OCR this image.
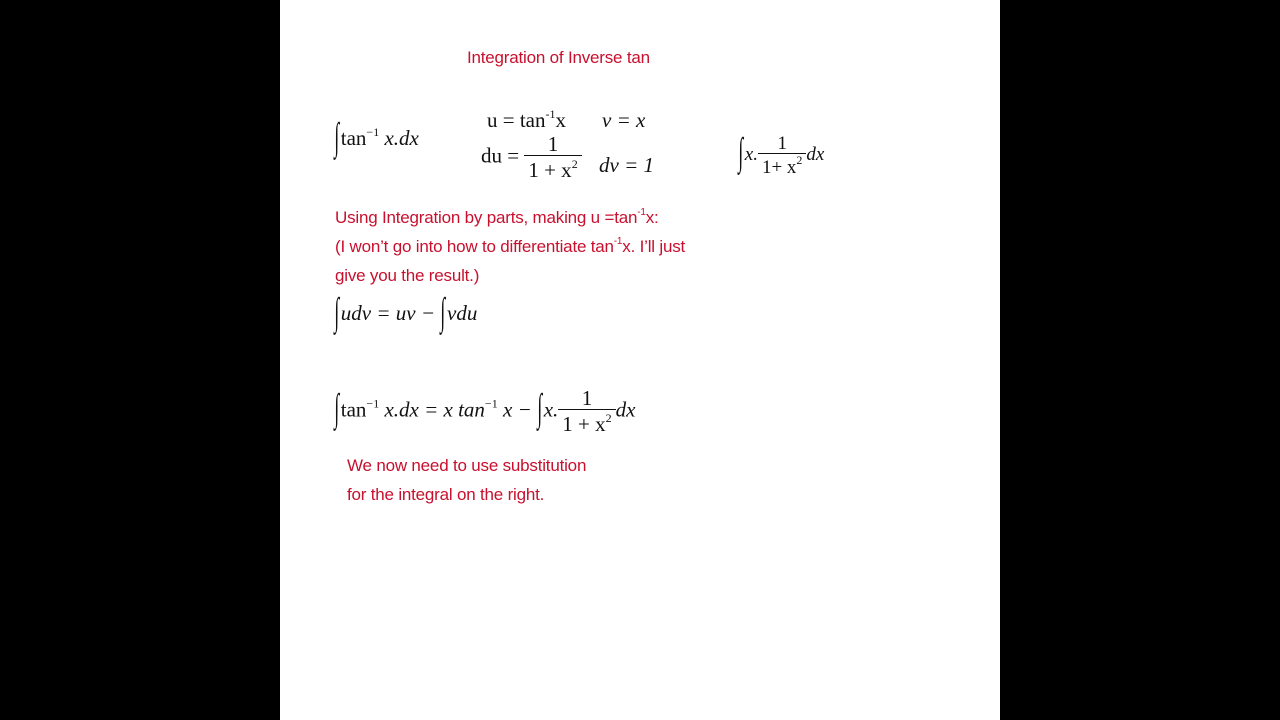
Integration of Inverse tan
$\int\tan^{-1}$ x.dx
$u = \tan^{-1}x$ v = x
du = $\frac{1}{1 + x^2}$ dv = 1	∫x. $\frac{1}{1+ x^2}$ dx
Using Integration by parts, making $u =\tan^{-1}x$:
(I won’t go into how to differentiate $\tan^{-1}x$. I’ll just
give you the result.)
∫udv = uv − ∫vdu
$\int\tan^{-1}$ x.dx = x $\tan^{-1} x - \int x$. $\frac{1}{1 + x^2}$ dx
We now need to use substitution
for the integral on the right.
